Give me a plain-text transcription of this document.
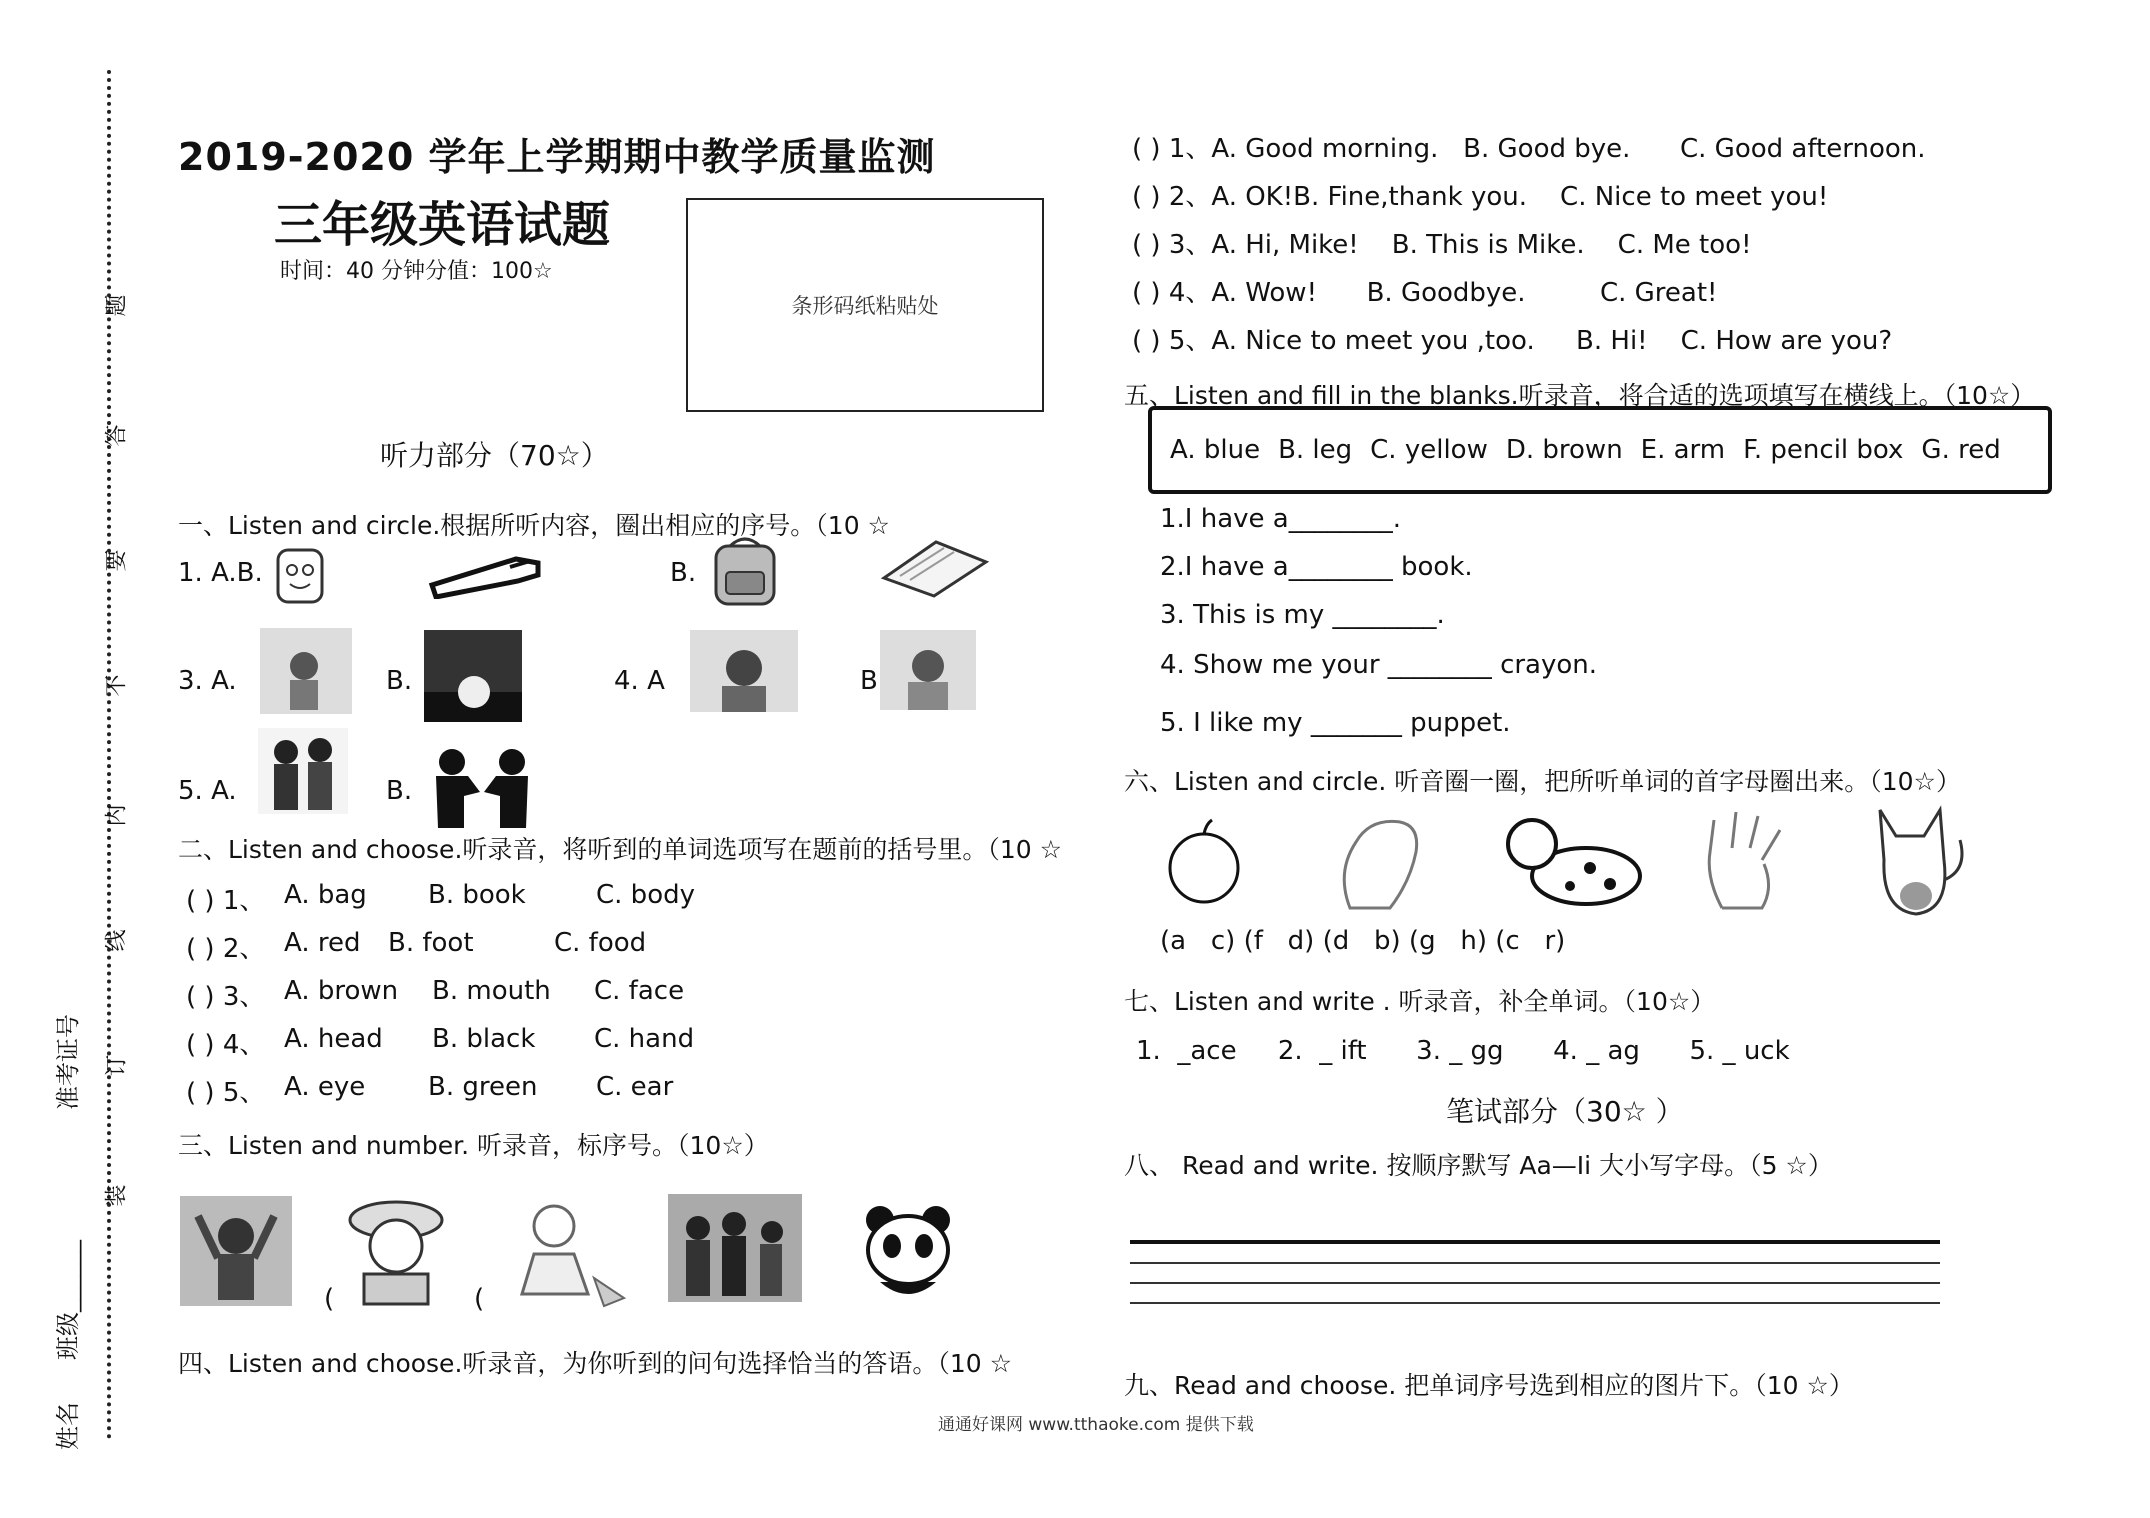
题
答
要
不
内
线
订
装
准考证号
班级______
姓名
2019-2020 学年上学期期中教学质量监测
三年级英语试题
时间：40 分钟分值：100☆
条形码纸粘贴处
听力部分（70☆）
一、Listen and circle.根据所听内容，圈出相应的序号。（10 ☆
1. A.B.	B.
3. A.	B.	4. A	B
5. A.	B.
二、Listen and choose.听录音，将听到的单词选项写在题前的括号里。（10 ☆
( ) 1、 A. bag B. book	C. body
( ) 2、 A. red B. foot	C. food
( ) 3、 A. brown B. mouth C. face
( ) 4、 A. head B. black C. hand
( ) 5、 A. eye B. green C. ear
三、Listen and number. 听录音，标序号。（10☆）
(	(
四、Listen and choose.听录音，为你听到的问句选择恰当的答语。（10 ☆
( ) 1、A. Good morning.   B. Good bye.      C. Good afternoon.
( ) 2、A. OK!B. Fine,thank you.    C. Nice to meet you!
( ) 3、A. Hi, Mike!    B. This is Mike.    C. Me too!
( ) 4、A. Wow!      B. Goodbye.         C. Great!
( ) 5、A. Nice to meet you ,too.     B. Hi!    C. How are you?
五、Listen and fill in the blanks.听录音，将合适的选项填写在横线上。（10☆）
A. blue B. leg C. yellow D. brown E. arm F. pencil box G. red
1.I have a________.
2.I have a________ book.
3. This is my ________.
4. Show me your ________ crayon.
5. I like my _______ puppet.
六、Listen and circle. 听音圈一圈，把所听单词的首字母圈出来。（10☆）
(a   c) (f   d) (d   b) (g   h) (c   r)
七、Listen and write . 听录音，补全单词。（10☆）
1.  _ace     2.  _ ift      3. _ gg      4. _ ag      5. _ uck
笔试部分（30☆ ）
八、 Read and write. 按顺序默写 Aa—Ii 大小写字母。（5 ☆）
九、Read and choose. 把单词序号选到相应的图片下。（10 ☆）
通通好课网 www.tthaoke.com 提供下载
